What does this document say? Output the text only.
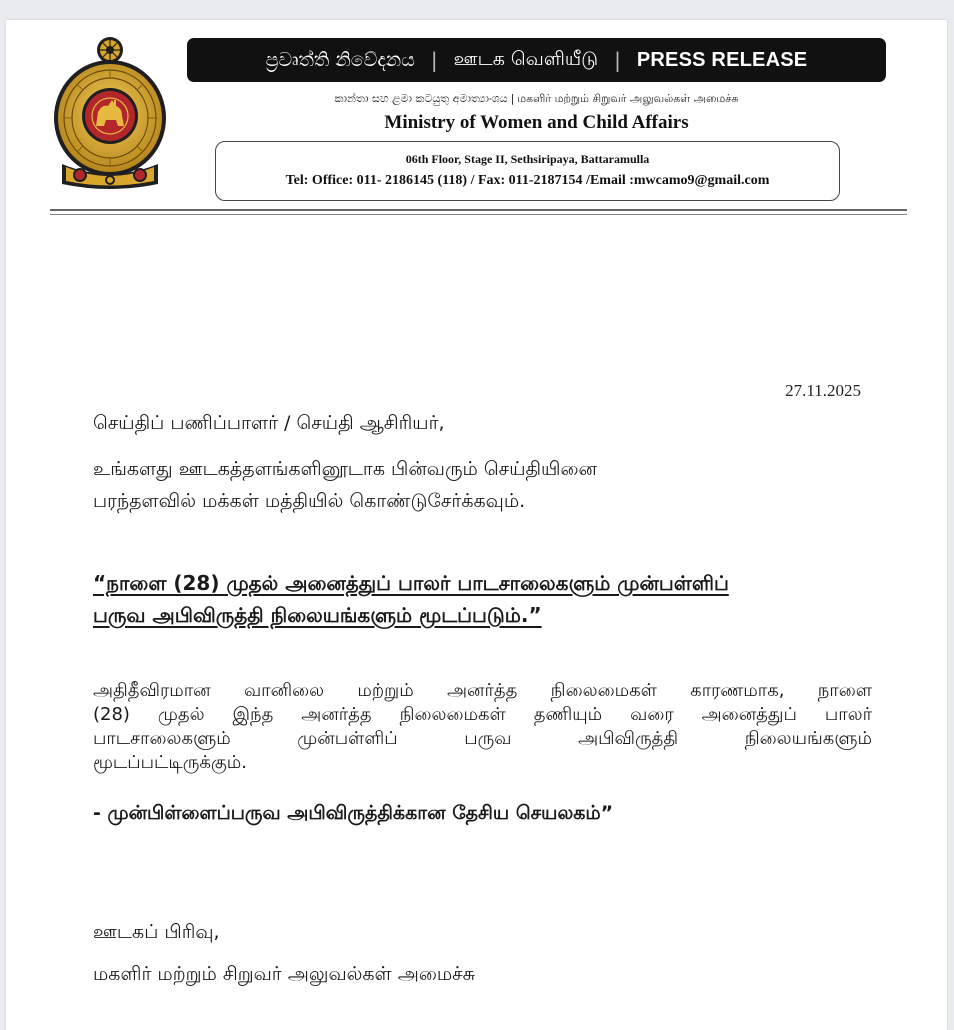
ප්‍රවෘත්ති නිවේදනය | ஊடக வெளியீடு | PRESS RELEASE
කාන්තා සහ ළමා කටයුතු අමාත්‍යාංශය | மகளிர் மற்றும் சிறுவர் அலுவல்கள் அமைச்சு
Ministry of Women and Child Affairs
06th Floor, Stage II, Sethsiripaya, Battaramulla
Tel: Office: 011- 2186145 (118) / Fax: 011-2187154 /Email :mwcamo9@gmail.com
27.11.2025
செய்திப் பணிப்பாளர் / செய்தி ஆசிரியர்,
உங்களது ஊடகத்தளங்களினூடாக பின்வரும் செய்தியினை
பரந்தளவில் மக்கள் மத்தியில் கொண்டுசேர்க்கவும்.
“நாளை (28) முதல் அனைத்துப் பாலர் பாடசாலைகளும் முன்பள்ளிப்
பருவ அபிவிருத்தி நிலையங்களும் மூடப்படும்.”
அதிதீவிரமான வானிலை மற்றும் அனர்த்த நிலைமைகள் காரணமாக, நாளை
(28) முதல் இந்த அனர்த்த நிலைமைகள் தணியும் வரை அனைத்துப் பாலர்
பாடசாலைகளும் முன்பள்ளிப் பருவ அபிவிருத்தி நிலையங்களும்
மூடப்பட்டிருக்கும்.
- முன்பிள்ளைப்பருவ அபிவிருத்திக்கான தேசிய செயலகம்”
ஊடகப் பிரிவு,
மகளிர் மற்றும் சிறுவர் அலுவல்கள் அமைச்சு
